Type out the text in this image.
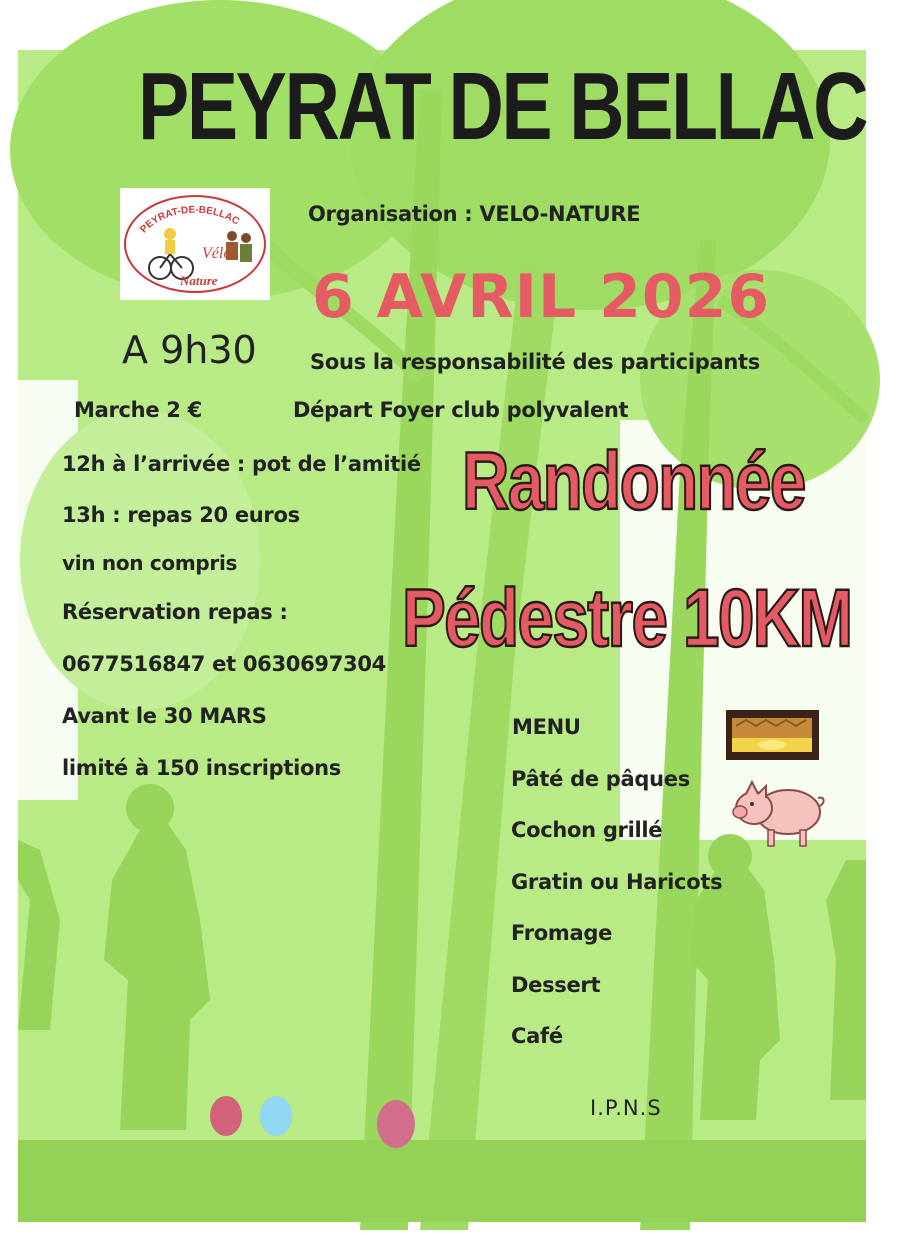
PEYRAT DE BELLAC
PEYRAT-DE-BELLAC
Vélo
Nature
Organisation : VELO-NATURE
6 AVRIL 2026
A 9h30	Sous la responsabilité des participants
Marche 2 €	Départ Foyer club polyvalent
12h à l’arrivée : pot de l’amitié
13h : repas 20 euros
vin non compris
Réservation repas :
0677516847 et 0630697304
Avant le 30 MARS
limité à 150 inscriptions
Randonnée
Pédestre 10KM
MENU
Pâté de pâques
Cochon grillé
Gratin ou Haricots
Fromage
Dessert
Café
I.P.N.S
